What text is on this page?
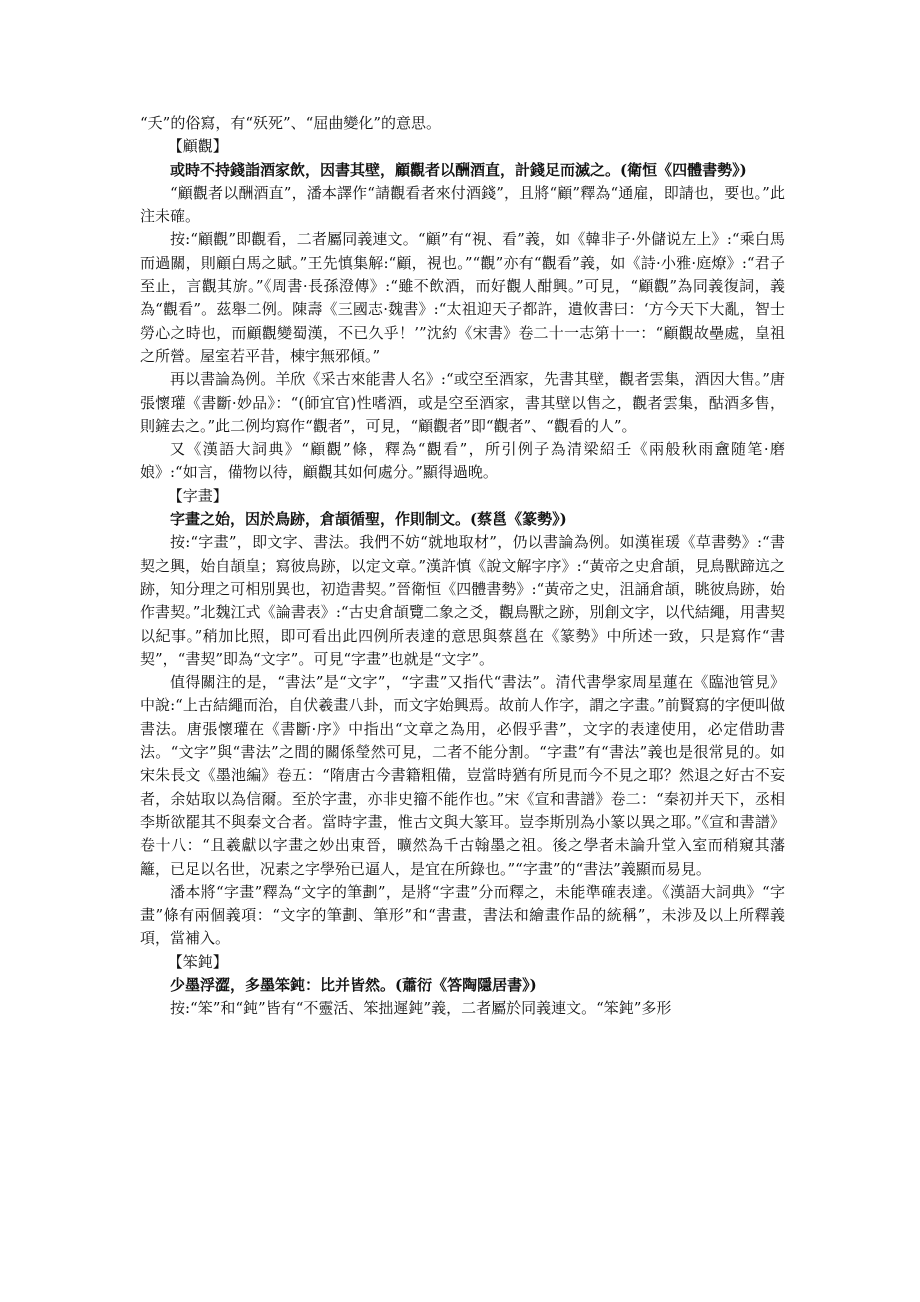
“夭”的俗寫，有“殀死”、“屈曲變化”的意思。

【顧觀】

或時不持錢詣酒家飲，因書其壁，顧觀者以酬酒直，計錢足而滅之。(衛恒《四體書勢》)

“顧觀者以酬酒直”，潘本譯作“請觀看者來付酒錢”，且將“顧”釋為“通雇，即請也，要也。”此注未確。

按:“顧觀”即觀看，二者屬同義連文。“顧”有“視、看”義，如《韓非子·外儲说左上》:“乘白馬而過關，則顧白馬之賦。”王先慎集解:“顧，視也。”“觀”亦有“觀看”義，如《詩·小雅·庭燎》:“君子至止，言觀其旂。”《周書·長孫澄傳》:“雖不飲酒，而好觀人酣興。”可見，“顧觀”為同義復詞，義為“觀看”。茲舉二例。陳壽《三國志·魏書》:“太祖迎天子都許，遺攸書曰：‘方今天下大亂，智士勞心之時也，而顧觀變蜀漢，不已久乎！’”沈約《宋書》卷二十一志第十一：“顧觀故壘處，皇祖之所營。屋室若平昔，棟宇無邪傾。”

再以書論為例。羊欣《采古來能書人名》:“或空至酒家，先書其壁，觀者雲集，酒因大售。”唐張懷瓘《書斷·妙品》：“(師宜官)性嗜酒，或是空至酒家，書其壁以售之，觀者雲集，酤酒多售，則鏟去之。”此二例均寫作“觀者”，可見，“顧觀者”即“觀者”、“觀看的人”。

又《漢語大詞典》“顧觀”條，釋為“觀看”，所引例子為清梁紹壬《兩般秋雨盦随笔·磨娘》:“如言，備物以待，顧觀其如何處分。”顯得過晚。

【字畫】

字畫之始，因於鳥跡，倉頡循聖，作則制文。(蔡邕《篆勢》)

按:“字畫”，即文字、書法。我們不妨“就地取材”，仍以書論為例。如漢崔瑗《草書勢》:“書契之興，始自頡皇；寫彼鳥跡，以定文章。”漢許慎《說文解字序》:“黃帝之史倉頡，見鳥獸蹄迒之跡，知分理之可相別異也，初造書契。”晉衛恒《四體書勢》:“黃帝之史，沮誦倉頡，眺彼鳥跡，始作書契。”北魏江式《論書表》:“古史倉頡覽二象之爻，觀鳥獸之跡，別創文字，以代結繩，用書契以紀事。”稍加比照，即可看出此四例所表達的意思與蔡邕在《篆勢》中所述一致，只是寫作“書契”，“書契”即為“文字”。可見“字畫”也就是“文字”。

值得關注的是，“書法”是“文字”，“字畫”又指代“書法”。清代書學家周星蓮在《臨池管見》中說:“上古結繩而治，自伏羲畫八卦，而文字始興焉。故前人作字，謂之字畫。”前賢寫的字便叫做書法。唐張懷瓘在《書斷·序》中指出“文章之為用，必假乎書”，文字的表達使用，必定借助書法。“文字”與“書法”之間的關係瑩然可見，二者不能分割。“字畫”有“書法”義也是很常見的。如宋朱長文《墨池編》卷五：“隋唐古今書籍粗備，豈當時猶有所見而今不見之耶？然退之好古不妄者，余姑取以為信爾。至於字畫，亦非史籀不能作也。”宋《宣和書譜》卷二：“秦初并天下，丞相李斯欲罷其不與秦文合者。當時字畫，惟古文與大篆耳。豈李斯別為小篆以異之耶。”《宣和書譜》卷十八：“且羲獻以字畫之妙出東晉，曠然為千古翰墨之祖。後之學者未論升堂入室而稍窺其藩籬，已足以名世，况素之字學殆已逼人，是宜在所錄也。”“字畫”的“書法”義顯而易見。

潘本將“字畫”釋為“文字的筆劃”，是將“字畫”分而釋之，未能準確表達。《漢語大詞典》“字畫”條有兩個義項：“文字的筆劃、筆形”和“書畫，書法和繪畫作品的統稱”，未涉及以上所釋義項，當補入。

【笨鈍】

少墨浮澀，多墨笨鈍：比并皆然。(蕭衍《答陶隱居書》)

按:“笨”和“鈍”皆有“不靈活、笨拙遲鈍”義，二者屬於同義連文。“笨鈍”多形
